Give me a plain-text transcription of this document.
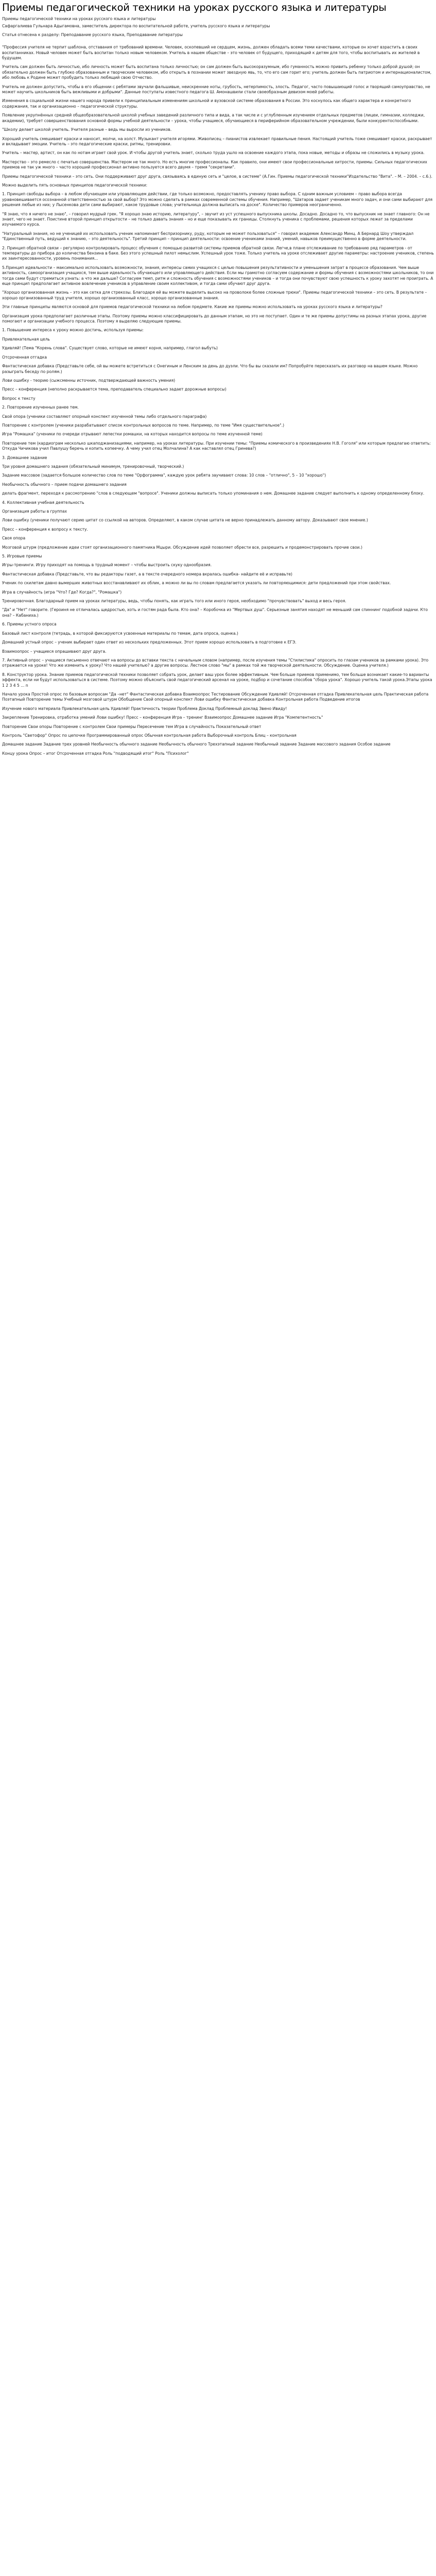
Приемы педагогической техники на уроках русского языка и литературы

Приемы педагогической техники на уроках русского языка и литературы

Сафаргалиева Гульнара Адыгамовна, заместитель директора по воспитательной работе, учитель русского языка и литературы

Статья отнесена к разделу: Преподавание русского языка, Преподавание литературы

"Профессия учителя не терпит шаблона, отставания от требований времени. Человек, оскопевший не сердцем, жизнь, должен обладать всеми теми качествами, которые он хочет взрастить в своих воспитанниках. Новый человек может быть воспитан только новым человеком. Учитель в нашем обществе – это человек от будущего, приходящий к детям для того, чтобы воспитывать их жителей в будущем.

Учитель сам должен быть личностью, ибо личность может быть воспитана только личностью; он сам должен быть высокоразумным, ибо гуманность можно привить ребенку только доброй душой; он обязательно должен быть глубоко образованным и творческим человеком, ибо открыть в познании может звездную явь, то, что его сам горит его; учитель должен быть патриотом и интернационалистом, ибо любовь к Родине может пробудить только любящий свою Отчество.

Учитель не должен допустить, чтобы в его общении с ребятами звучали фальшивые, неискренние ноты, грубость, нетерпимость, злость. Педагог, часто повышающий голос и творящий самоуправство, не может научить школьников быть вежливыми и добрыми". Данные поступаты известного педагога Ш. Амонашвили стали своеобразным девизом моей работы.

Изменения в социальной жизни нашего народа привели к принципиальным изменениям школьной и вузовской системе образования в России. Это коснулось как общего характера и конкретного содержания, так и организационно – педагогической структуры.

Появление укрупнённых средней общеобразовательной школой учебных заведений различного типа и вида, а так числе и с углубленным изучением отдельных предметов (лицеи, гимназии, колледжи, академии), требует совершенствования основной формы учебной деятельности – урока, чтобы учащиеся, обучающиеся в периферийном образовательном учреждении, были конкурентоспособными.

"Школу делает школой учитель. Учителя разные – ведь мы выросли из учеников.

Хороший учитель смешивает краски и наносит, молчи, на холст. Музыкант учителя игорями. Живописец – пианистов извлекает правильные пения. Настоящий учитель тоже смешивает краски, раскрывает и вкладывает эмоции. Учитель – это педагогические краски, ритмы, тренировки.

Учитель – мастер, артист, он как по нотам играет свой урок. И чтобы другой учитель знает, сколько труда ушло на освоение каждого этапа, пока новые, методы и образы не сложились в музыку урока.

Мастерство – это ремесло с печатью совершенства. Мастером не так много. Но есть многие профессионалы. Как правило, они имеют свои профессиональные хитрости, приемы. Сильных педагогических приемов не так уж много – часто хороший профессионал активно пользуется всего двумя – тремя "секретами".

Приемы педагогической техники – это сеть. Они поддерживают друг друга, связываясь в единую сеть и "целое, в системе" (А.Гин. Приемы педагогической техники"Издательство "Вита". – М. – 2004. – с.6.).

Можно выделить пять основных принципов педагогической техники:

1. Принцип свободы выбора – в любом обучающем или управляющем действии, где только возможно, предоставлять ученику право выбора. С одним важным условием – право выбора всегда уравновешивается осознанной ответственностью за свой выбор? Это можно сделать в рамках современной системы обучения. Например, "Шатаров задает ученикам много задач, и они сами выбирают для решения любые из них; у Лысенкова дети сами выбирают, какое трудовые слова; учительница должна выписать на доске". Количество примеров неограниченно.

"Я знаю, что я ничего не знаю", – говорил мудрый грек. "Я хорошо знаю историю, литературу", – звучит из уст успешного выпускника школы. Досадно. Досадно то, что выпускник не знает главного: Он не знает, чего не знает. Поистине второй принцип открытости – не только давать знания – но и еще показывать их границы. Столкнуть ученика с проблемами, решения которых лежат за пределами изучаемого курса.

"Натуральный знания, но не ученицей их использовать ученик напоминает беспризорнику, руду, которым не может пользоваться" – говорил академик Александр Минц. А Бернард Шоу утверждал "Единственный путь, ведущий к знанию, – это деятельность". Третий принцип – принцип деятельности: освоение учениками знаний, умений, навыков преимущественно в форме деятельности.

2. Принцип обратной связи – регулярно контролировать процесс обучения с помощью развитой системы приемов обратной связи. Легче,в плане отслеживание по требованию ряд параметров - от температуры до прибора до количества бензина в баке. Без этого успешный пилот немыслим. Успешный урок тоже. Только учитель на уроке отслеживает другие параметры: настроение учеников, степень их заинтересованности, уровень понимания...

5.Принцип идеальности – максимально использовать возможности, знания, интересы самих учащихся с целью повышения результативности и уменьшения затрат в процессе образования. Чем выше активность, самоорганизация учащихся, тем выше идеальность обучающего или управляющего действия. Если мы грамотно согласуем содержание и формы обучения с возможностями школьников, то они тогда сами будут стремиться узнать: а что же дальше? Согласуем темп, ритм и сложность обучения с возможностями учеников – и тогда они почувствуют свою успешность к уроку захотят не проиграть. А еще принцип предполагает активное вовлечение учеников в управление своим коллективом, и тогда сами обучают друг друга.

"Хорошо организованная жизнь – это как сетка для стрекозы. Благодаря ей вы можете выделить высоко на проволоке более сложные трюки". Приемы педагогической техники – это сеть. В результате – хорошо организованный труд учителя, хорошо организованный класс, хорошо организованные знания.

Эти главные принципы являются основой для приемов педагогической техники на любом предмете. Какие же приемы можно использовать на уроках русского языка и литературы?

Организация урока предполагает различные этапы. Поэтому приемы можно классифицировать до данным этапам, но это не поступает. Один и те же приемы допустимы на разных этапах урока, другие помогают и организации учебного процесса. Поэтому я выделяю следующие приемы.

1. Повышение интереса к уроку можно достичь, используя приемы:

Привлекательная цель

Удивляй! (Тема "Корень слова". Существует слово, которые не имеют корня, например, глагол выбуть)

Отсроченная отгадка

Фантастическая добавка (Представьте себе, ой вы можете встретиться с Онегиным и Ленским за день до дуэли. Что бы вы сказали им? Попробуйте пересказать их разговор на вашем языке. Можно разыграть беседу по ролям.)

Лови ошибку - теорию (сыжсменны источник, подтверждающей важность умения)

Пресс – конференция (неполно раскрывается тема, преподаватель специально задает дорожные вопросы)

Вопрос к тексту

2. Повторение изученных ранее тем.

Свой опора (ученики составляют опорный конспект изученной темы либо отдельного параграфа)

Повторение с контролем (ученики разрабатывают список контрольных вопросов по теме. Например, по теме "Имя существительное".)

Игра "Ромашка" (ученики по очереди отрывают лепестки ромашки, на которых находится вопросы по теме изученной теме)

Повторение тем (кардиограм несколько шкаподжанизациями, например, на уроках литературы. При изучении темы: "Приемы комического в произведениях Н.В. Гоголя" или которым предлагаю ответить: Откуда Чичикова учил Павлушу беречь и копить копеечку. А чему учил отец Молчалина? А как наставлял отец Гринева?)

3. Домашнее задание

Три уровня домашнего задания (обязательный минимум, тренировочный, творческий.)

Задание массовое (задается большое количество слов по теме "Орфограмма", каждую урок ребята заучивают слова: 10 слов – "отлично", 5 – 10 "хорошо")

Необычность обычного – прием подачи домашнего задания

делать фрагмент, переходя к рассмотрению "слов в следующем "вопросе". Ученики должны выписать только упоминания о нем. Домашнее задание следует выполнить к одному определенному блоку.

4. Коллективная учебная деятельность

Организация работы в группах

Лови ошибку (ученики получают серию цитат со ссылкой на авторов. Определяют, в каком случае цитата не верно принадлежать данному автору. Доказывают свое мнение.)

Пресс – конференция к вопросу к тексту.

Своя опора

Мозговой штурм (предложение идеи стоят организационного памятника Мцыри. Обсуждение идей позволяет обрести все, разрешить и продемонстрировать прочие свои.)

5. Игровые приемы

Игры-тренинги. Игру приходят на помощь в трудный момент – чтобы выстроить скуку однообразия.

Фантастическая добавка (Представьте, что вы редакторы газет, а в тексте очередного номера вкралась ошибка- найдите её и исправьте)

Ученик по скилетам давно вымерших животных восстанавливают их облик, а можно ли вы по словам предлагается указать ли повторяющимися: дети предложений при этом свойствах.

Игра в случайность (игра "Что? Где? Когда?", "Ромашка")

Тренировочная. Благодарный прием на уроках литературы, ведь, чтобы понять, как играть того или иного героя, необходимо "прочувствовать" выход и весь героя.

"Да" и "Нет" говорите. (Героиня не отличалась щедростью, хоть и гостям рада была. Кто она? – Коробочка из "Мертвых душ". Серьезные занятия находят не меньший сам спиннинг подобной задачи. Кто она? – Кабаниха.)

6. Приемы устного опроса

Базовый лист контроля (тетрадь, в которой фиксируются усвоенные материалы по темам, дата опроса, оценка.)

Домашний устный опрос – ученик выбирает один ответ из нескольких предложенных. Этот прием хорошо использовать в подготовке к ЕГЭ.

Взаимоопрос – учащиеся опрашивают друг друга.

7. Активный опрос – учащиеся письменно отвечают на вопросы до вставки текста с начальным словом (например, после изучения темы "Стилистика" опросить по глазам учеников за рамками урока). Это отражается на уроке! Что же изменить к уроку? Что нашей учителью? а другие вопросы. Лестное слово "мы" в рамках той же творческой деятельности. Обсуждение. Оценка учителя.)

8. Конструктор урока. Знание приемов педагогической техники позволяет собрать урок, делает ваш урок более эффективным. Чем больше приемов применимо, тем больше возникает какие-то варианты эффекта, если ни будут использоваться в системе. Поэтому можно объяснить свой педагогический арсенал на уроке, подбор и сочетание способов "сбора урока". Хорошо учитель такой урока.Этапы урока 1 2 3 4 5 ... n

Начало урока Простой опрос по базовым вопросам "Да –нет" Фантастическая добавка Взаимоопрос Тестирование Обсуждение Удивляй! Отсроченная отгадка Привлекательная цель Практическая работа Поэтапный Повторение темы Учебный мозговой штурм Обобщение Свой опорный конспект Лови ошибку Фантастическая добавка Контрольная работа Подведение итогов

Изучение нового материала Привлекательная цель Удивляй! Практичность теории Проблема Доклад Проблемный доклад Звено Ивиду!

Закрепление Тренировка, отработка умений Лови ошибку! Пресс – конференция Игра – тренинг Взаимоопрос Домашнее задание Игра "Компетентность"

Повторение Свои опоры Повторение с контролем Свои примеры Пересечение тем Игра в случайность Показательный ответ

Контроль "Светофор" Опрос по цепочке Программированный опрос Обычная контрольная работа Выборочный контроль Блиц – контрольная

Домашнее задание Задание трех уровней Необычность обычного задание Необычность обычного Трехэтапный задание Необычный задание Задание массового задания Особое задание

Концу урока Опрос – итог Отсроченная отгадка Роль "подводящий итог" Роль "Психолог"
